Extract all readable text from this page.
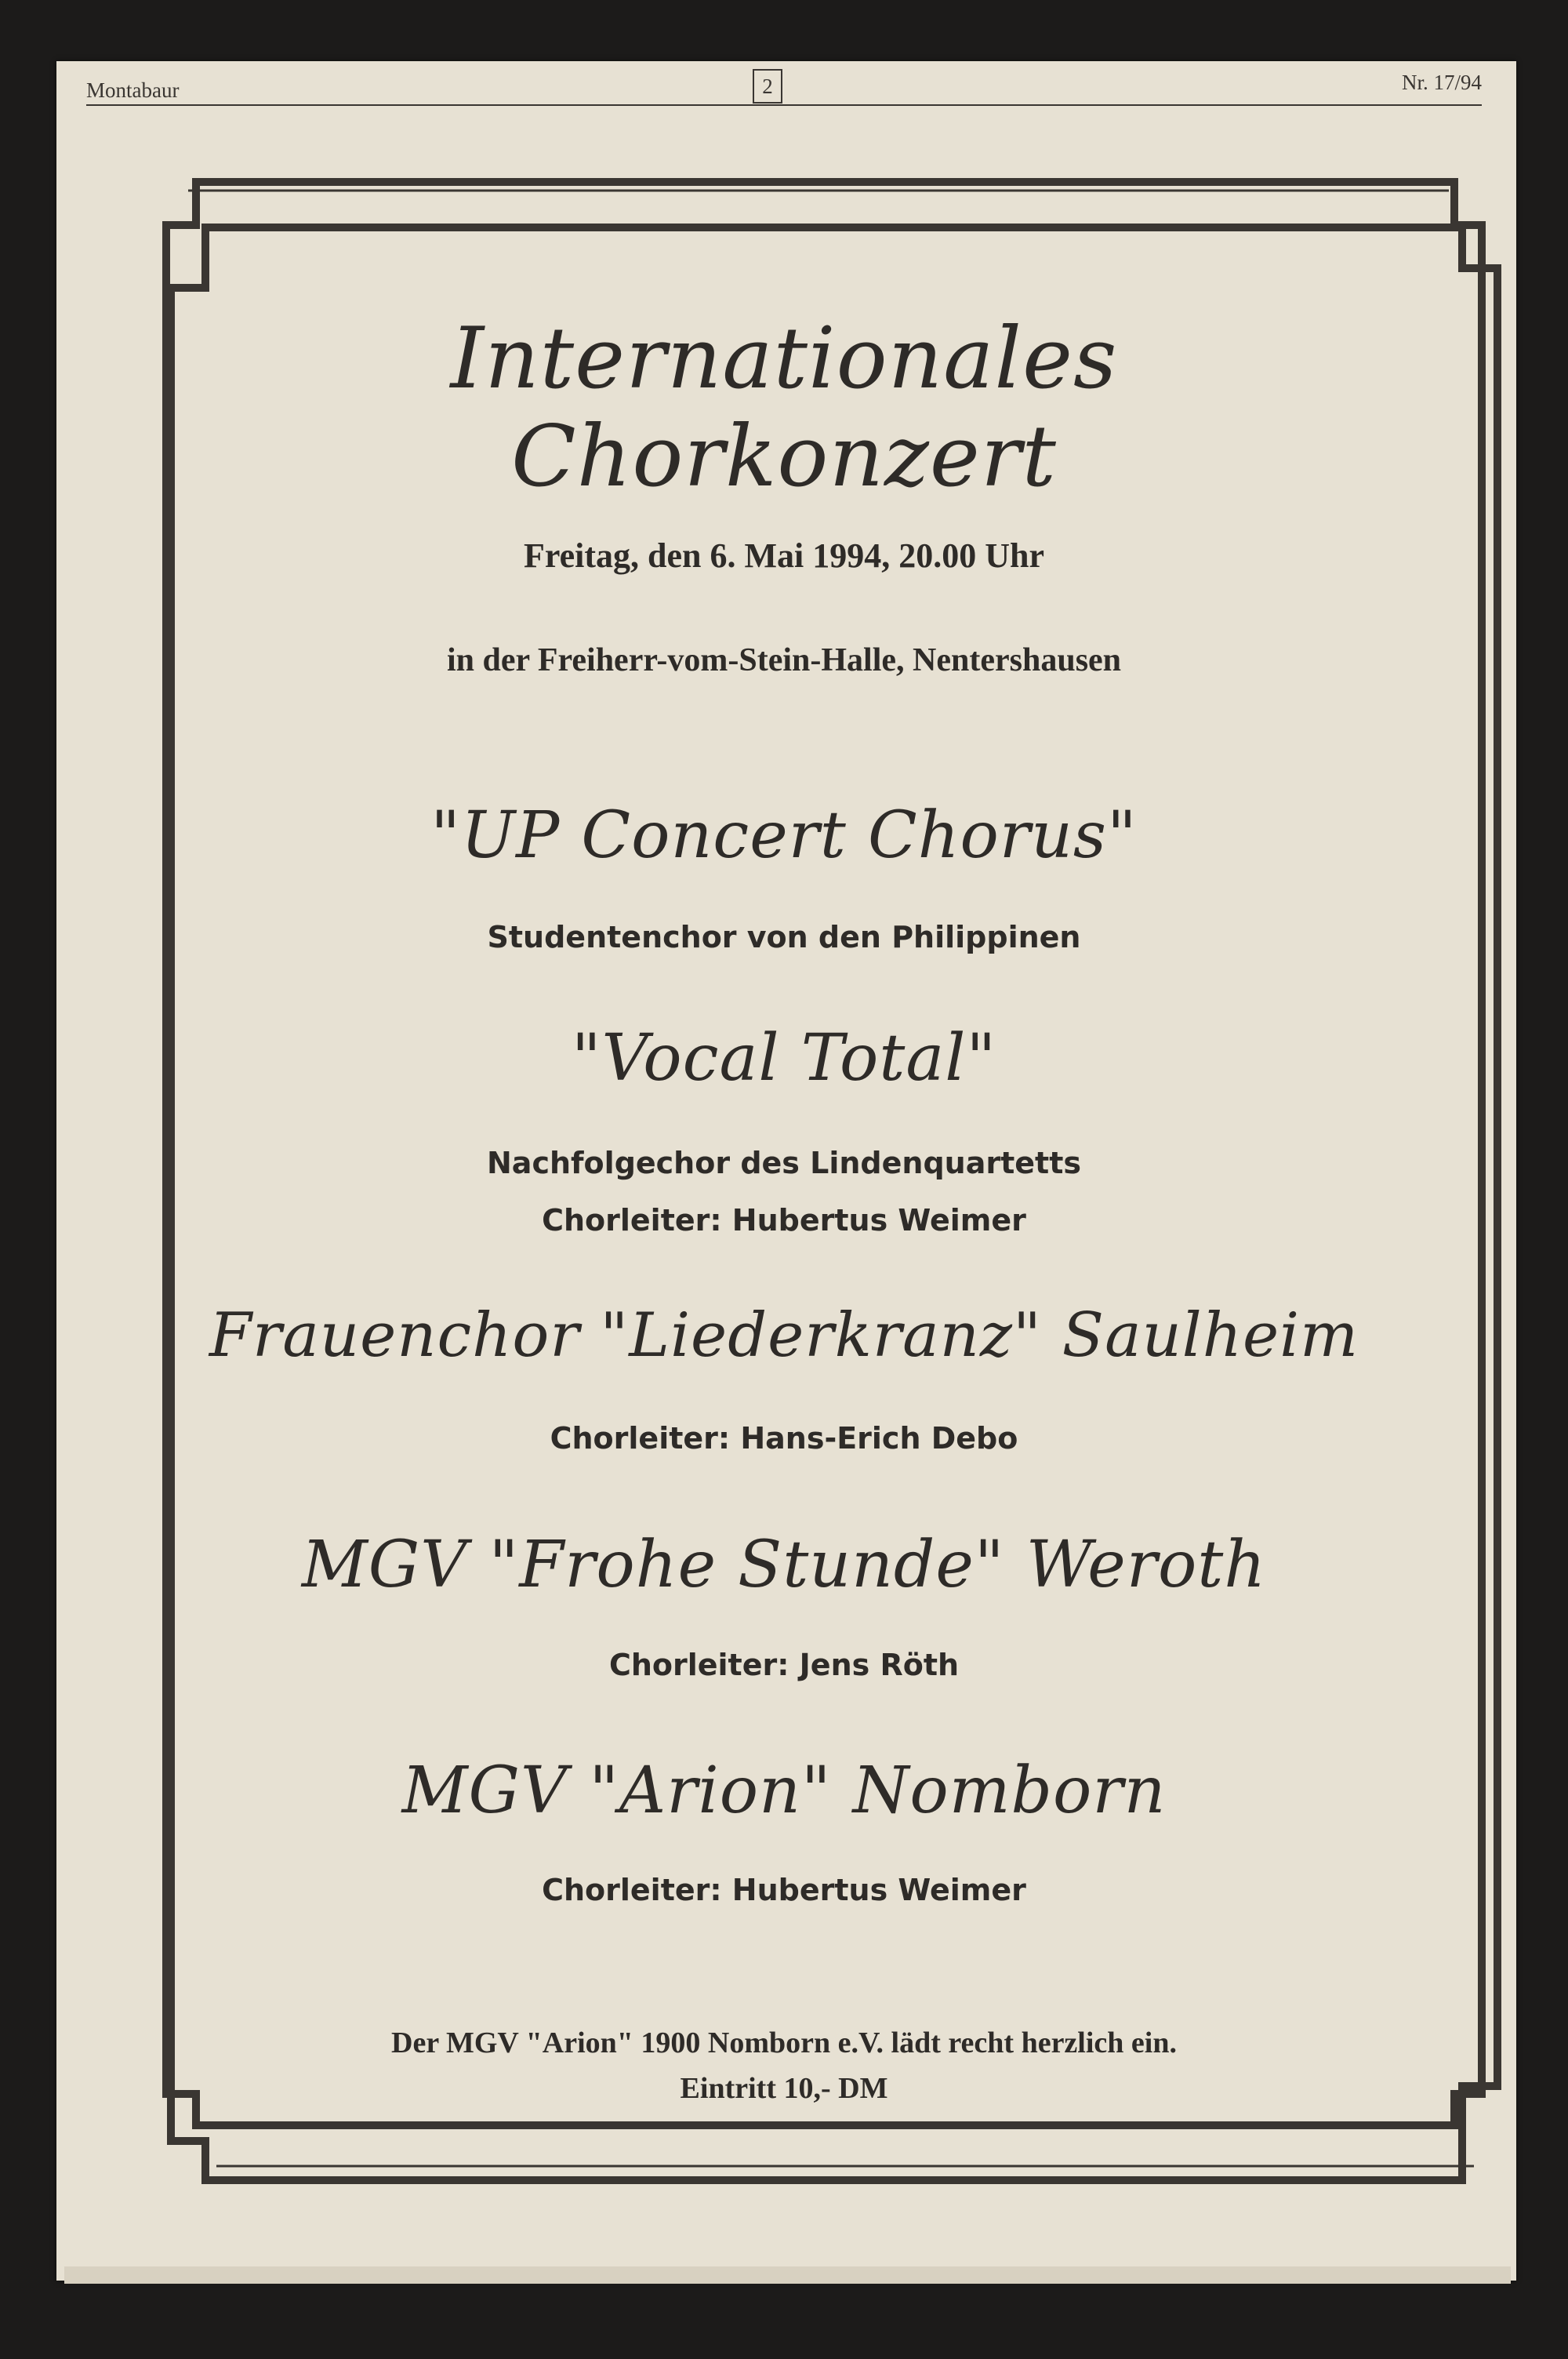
Montabaur	2	Nr. 17/94
Internationales Chorkonzert
Freitag, den 6. Mai 1994, 20.00 Uhr
in der Freiherr-vom-Stein-Halle, Nentershausen
"UP Concert Chorus"
Studentenchor von den Philippinen
"Vocal Total"
Nachfolgechor des Lindenquartetts
Chorleiter: Hubertus Weimer
Frauenchor "Liederkranz" Saulheim
Chorleiter: Hans-Erich Debo
MGV "Frohe Stunde" Weroth
Chorleiter: Jens Röth
MGV "Arion" Nomborn
Chorleiter: Hubertus Weimer
Der MGV "Arion" 1900 Nomborn e.V. lädt recht herzlich ein.
Eintritt 10,- DM
